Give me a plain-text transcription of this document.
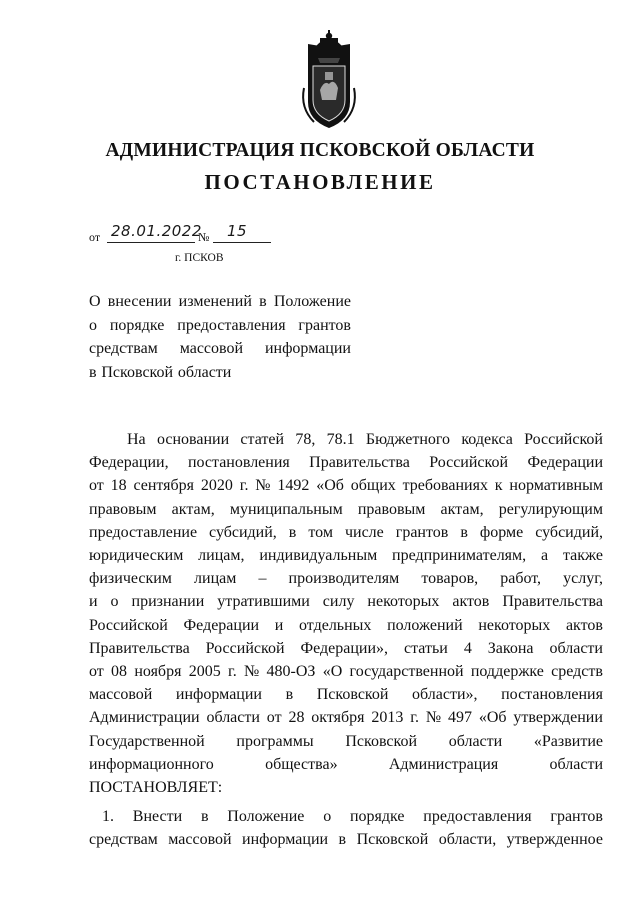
АДМИНИСТРАЦИЯ ПСКОВСКОЙ ОБЛАСТИ
ПОСТАНОВЛЕНИЕ
от 28.01.2022
№ 15
г. ПСКОВ
О внесении изменений в Положение
о порядке предоставления грантов
средствам массовой информации
в Псковской области
На основании статей 78, 78.1 Бюджетного кодекса Российской
Федерации, постановления Правительства Российской Федерации
от 18 сентября 2020 г. № 1492 «Об общих требованиях к нормативным
правовым актам, муниципальным правовым актам, регулирующим
предоставление субсидий, в том числе грантов в форме субсидий,
юридическим лицам, индивидуальным предпринимателям, а также
физическим лицам – производителям товаров, работ, услуг,
и о признании утратившими силу некоторых актов Правительства
Российской Федерации и отдельных положений некоторых актов
Правительства Российской Федерации», статьи 4 Закона области
от 08 ноября 2005 г. № 480-ОЗ «О государственной поддержке средств
массовой информации в Псковской области», постановления
Администрации области от 28 октября 2013 г. № 497 «Об утверждении
Государственной программы Псковской области «Развитие
информационного	общества»	Администрация	области
ПОСТАНОВЛЯЕТ:
1. Внести в Положение о порядке предоставления грантов
средствам массовой информации в Псковской области, утвержденное
